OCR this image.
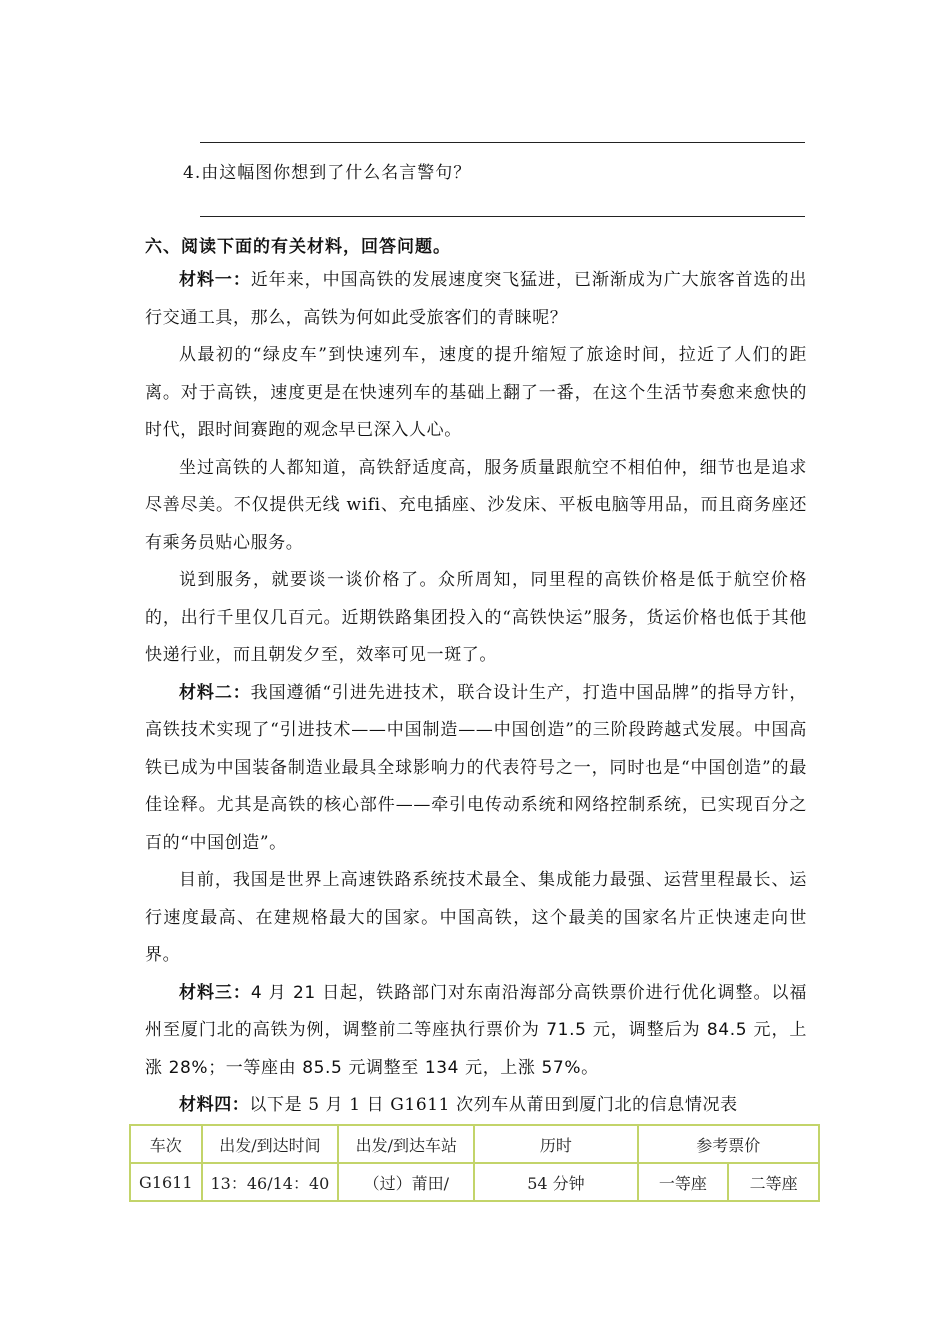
4.由这幅图你想到了什么名言警句？
六、阅读下面的有关材料，回答问题。

材料一：近年来，中国高铁的发展速度突飞猛进，已渐渐成为广大旅客首选的出行交通工具，那么，高铁为何如此受旅客们的青睐呢？

从最初的“绿皮车”到快速列车，速度的提升缩短了旅途时间，拉近了人们的距离。对于高铁，速度更是在快速列车的基础上翻了一番，在这个生活节奏愈来愈快的时代，跟时间赛跑的观念早已深入人心。

坐过高铁的人都知道，高铁舒适度高，服务质量跟航空不相伯仲，细节也是追求尽善尽美。不仅提供无线 wifi、充电插座、沙发床、平板电脑等用品，而且商务座还有乘务员贴心服务。

说到服务，就要谈一谈价格了。众所周知，同里程的高铁价格是低于航空价格的，出行千里仅几百元。近期铁路集团投入的“高铁快运”服务，货运价格也低于其他快递行业，而且朝发夕至，效率可见一斑了。

材料二：我国遵循“引进先进技术，联合设计生产，打造中国品牌”的指导方针，高铁技术实现了“引进技术——中国制造——中国创造”的三阶段跨越式发展。中国高铁已成为中国装备制造业最具全球影响力的代表符号之一，同时也是“中国创造”的最佳诠释。尤其是高铁的核心部件——牵引电传动系统和网络控制系统，已实现百分之百的“中国创造”。

目前，我国是世界上高速铁路系统技术最全、集成能力最强、运营里程最长、运行速度最高、在建规格最大的国家。中国高铁，这个最美的国家名片正快速走向世界。

材料三：4 月 21 日起，铁路部门对东南沿海部分高铁票价进行优化调整。以福州至厦门北的高铁为例，调整前二等座执行票价为 71.5 元，调整后为 84.5 元，上涨 28%；一等座由 85.5 元调整至 134 元，上涨 57%。

材料四：以下是 5 月 1 日 G1611 次列车从莆田到厦门北的信息情况表

车次	出发/到达时间	出发/到达车站	历时	参考票价	
G1611	13：46/14：40	（过）莆田/	54 分钟	一等座	二等座
